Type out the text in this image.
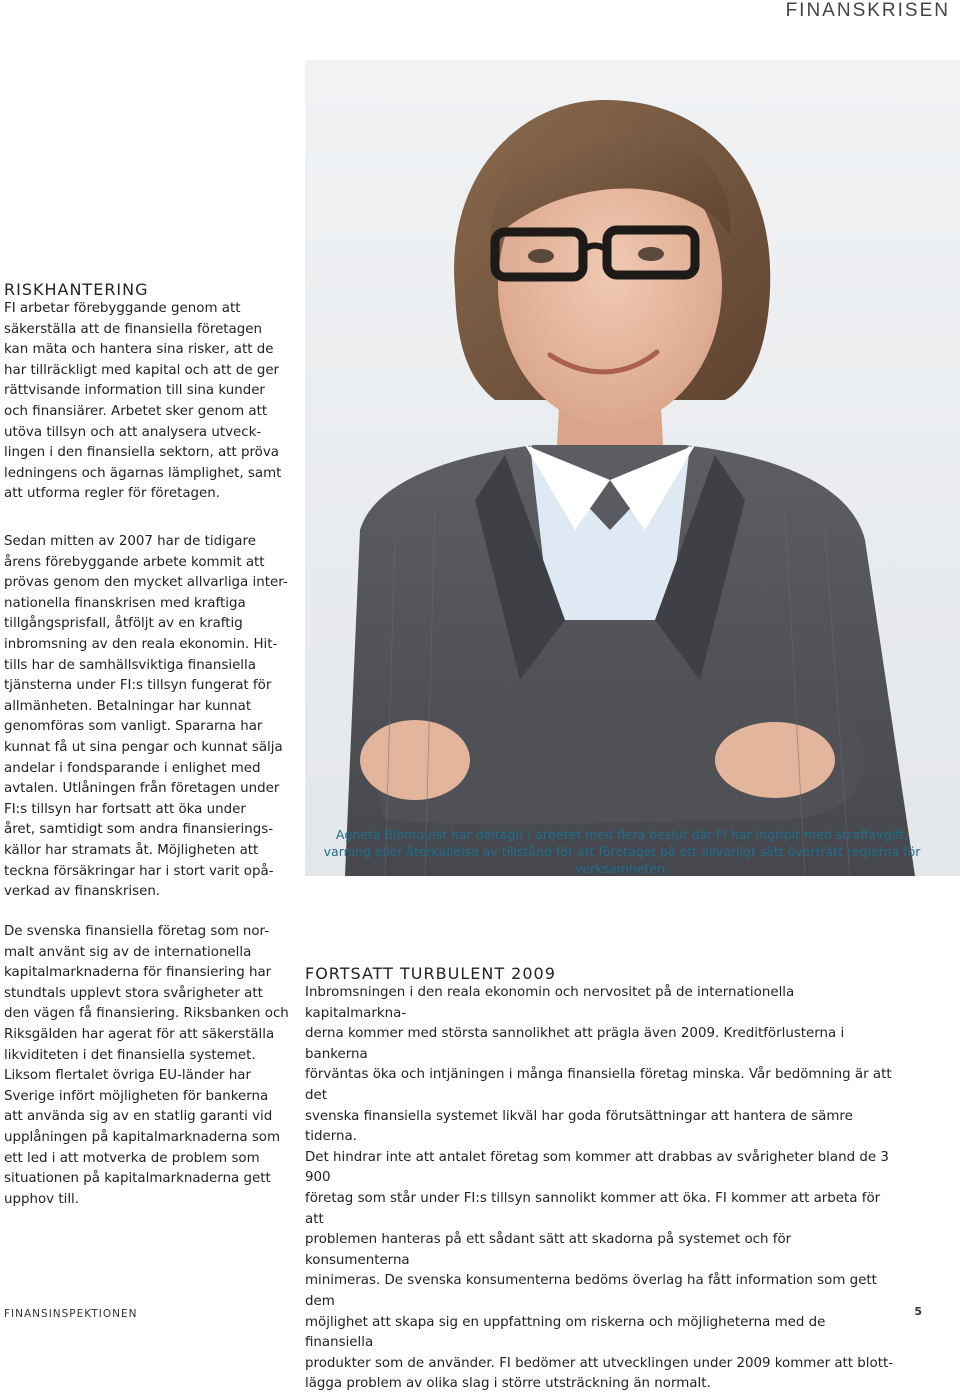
FINANSKRISEN
Agneta Blomquist har deltagit i arbetet med flera beslut där FI har ingripit med straffavgift, varning eller återkallelse av tillstånd för att företaget på ett allvarligt sätt överträtt reglerna för verksamheten.
RISKHANTERING

FI arbetar förebyggande genom att
säkerställa att de finansiella företagen
kan mäta och hantera sina risker, att de
har tillräckligt med kapital och att de ger
rättvisande information till sina kunder
och finansiärer. Arbetet sker genom att
utöva tillsyn och att analysera utveck-
lingen i den finansiella sektorn, att pröva
ledningens och ägarnas lämplighet, samt
att utforma regler för företagen.

Sedan mitten av 2007 har de tidigare
årens förebyggande arbete kommit att
prövas genom den mycket allvarliga inter-
nationella finanskrisen med kraftiga
tillgångsprisfall, åtföljt av en kraftig
inbromsning av den reala ekonomin. Hit-
tills har de samhällsviktiga finansiella
tjänsterna under FI:s tillsyn fungerat för
allmänheten. Betalningar har kunnat
genomföras som vanligt. Spararna har
kunnat få ut sina pengar och kunnat sälja
andelar i fondsparande i enlighet med
avtalen. Utlåningen från företagen under
FI:s tillsyn har fortsatt att öka under
året, samtidigt som andra finansierings-
källor har stramats åt. Möjligheten att
teckna försäkringar har i stort varit opå-
verkad av finanskrisen.

De svenska finansiella företag som nor-
malt använt sig av de internationella
kapitalmarknaderna för finansiering har
stundtals upplevt stora svårigheter att
den vägen få finansiering. Riksbanken och
Riksgälden har agerat för att säkerställa
likviditeten i det finansiella systemet.
Liksom flertalet övriga EU-länder har
Sverige infört möjligheten för bankerna
att använda sig av en statlig garanti vid
upplåningen på kapitalmarknaderna som
ett led i att motverka de problem som
situationen på kapitalmarknaderna gett
upphov till.

FORTSATT TURBULENT 2009

Inbromsningen i den reala ekonomin och nervositet på de internationella kapitalmarkna-
derna kommer med största sannolikhet att prägla även 2009. Kreditförlusterna i bankerna
förväntas öka och intjäningen i många finansiella företag minska. Vår bedömning är att det
svenska finansiella systemet likväl har goda förutsättningar att hantera de sämre tiderna.
Det hindrar inte att antalet företag som kommer att drabbas av svårigheter bland de 3 900
företag som står under FI:s tillsyn sannolikt kommer att öka. FI kommer att arbeta för att
problemen hanteras på ett sådant sätt att skadorna på systemet och för konsumenterna
minimeras. De svenska konsumenterna bedöms överlag ha fått information som gett dem
möjlighet att skapa sig en uppfattning om riskerna och möjligheterna med de finansiella
produkter som de använder. FI bedömer att utvecklingen under 2009 kommer att blott-
lägga problem av olika slag i större utsträckning än normalt.

FINANSINSPEKTIONEN	5
